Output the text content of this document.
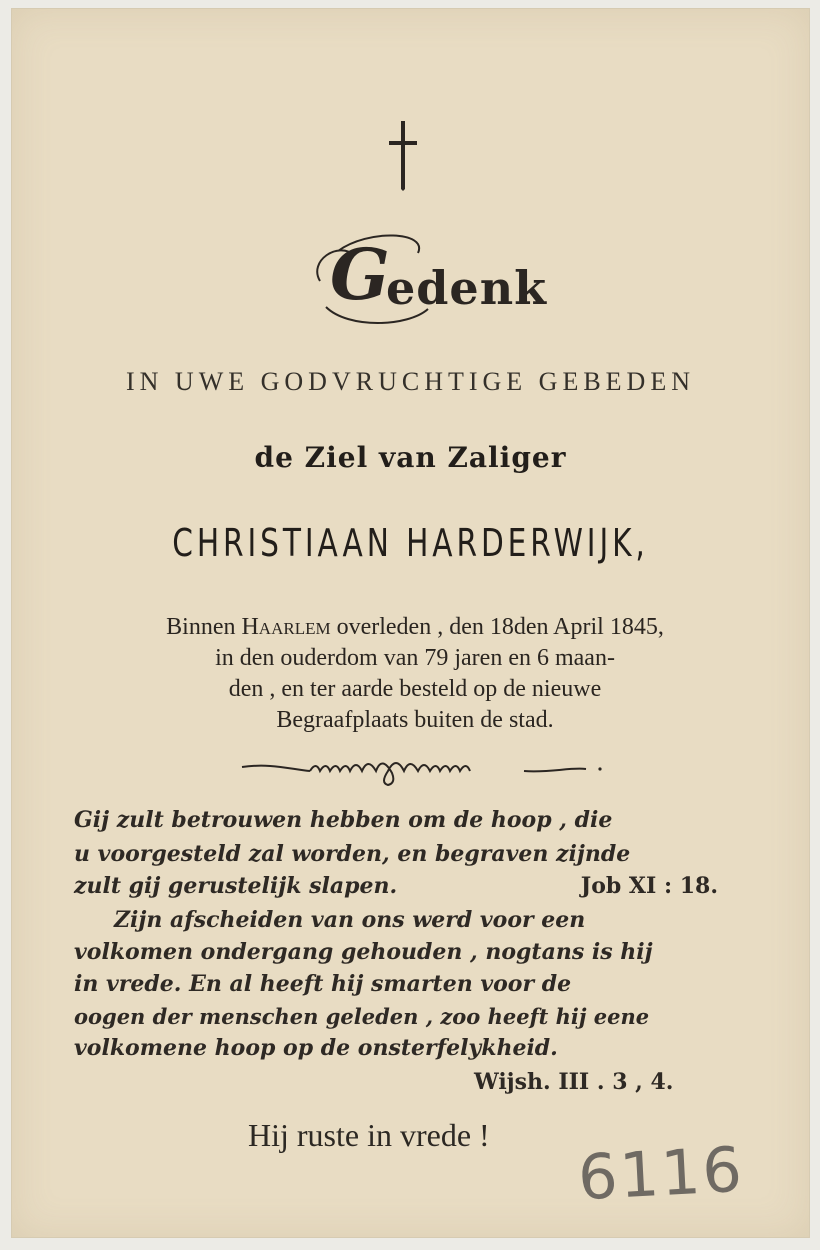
G
edenk
IN UWE GODVRUCHTIGE GEBEDEN
de Ziel van Zaliger
CHRISTIAAN HARDERWIJK,
Binnen Haarlem overleden , den 18den April 1845,
in den ouderdom van 79 jaren en 6 maan-
den , en ter aarde besteld op de nieuwe
Begraafplaats buiten de stad.
Gij zult betrouwen hebben om de hoop , die
u voorgesteld zal worden, en begraven zijnde
zult gij gerustelijk slapen.	Job XI : 18.
Zijn afscheiden van ons werd voor een
volkomen ondergang gehouden , nogtans is hij
in vrede. En al heeft hij smarten voor de
oogen der menschen geleden , zoo heeft hij eene
volkomene hoop op de onsterfelykheid.
Wijsh. III . 3 , 4.
Hij ruste in vrede ! 6116
